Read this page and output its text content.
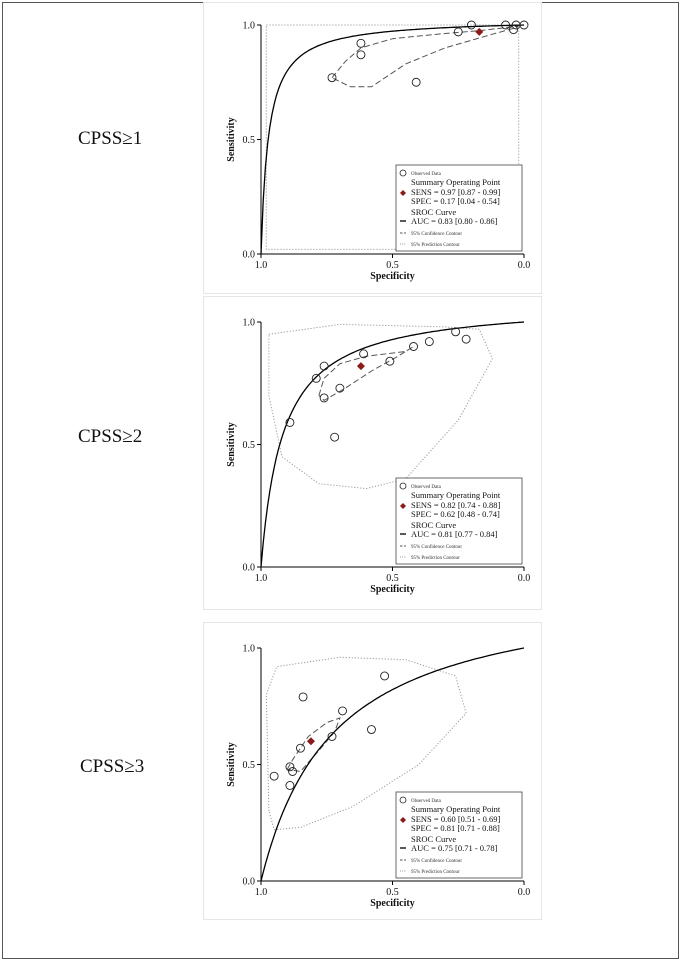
CPSS≥1
CPSS≥2
CPSS≥3
1.0	0.5	0.0
0.0
0.5
1.0
Specificity
Sensitivity
Observed Data
Summary Operating Point
SENS = 0.97 [0.87 - 0.99]
SPEC = 0.17 [0.04 - 0.54]
SROC Curve
AUC = 0.83 [0.80 - 0.86]
95% Confidence Contour
95% Prediction Contour
1.0	0.5	0.0
0.0
0.5
1.0
Specificity
Sensitivity
Observed Data
Summary Operating Point
SENS = 0.82 [0.74 - 0.88]
SPEC = 0.62 [0.48 - 0.74]
SROC Curve
AUC = 0.81 [0.77 - 0.84]
95% Confidence Contour
95% Prediction Contour
1.0	0.5	0.0
0.0
0.5
1.0
Specificity
Sensitivity
Observed Data
Summary Operating Point
SENS = 0.60 [0.51 - 0.69]
SPEC = 0.81 [0.71 - 0.88]
SROC Curve
AUC = 0.75 [0.71 - 0.78]
95% Confidence Contour
95% Prediction Contour
